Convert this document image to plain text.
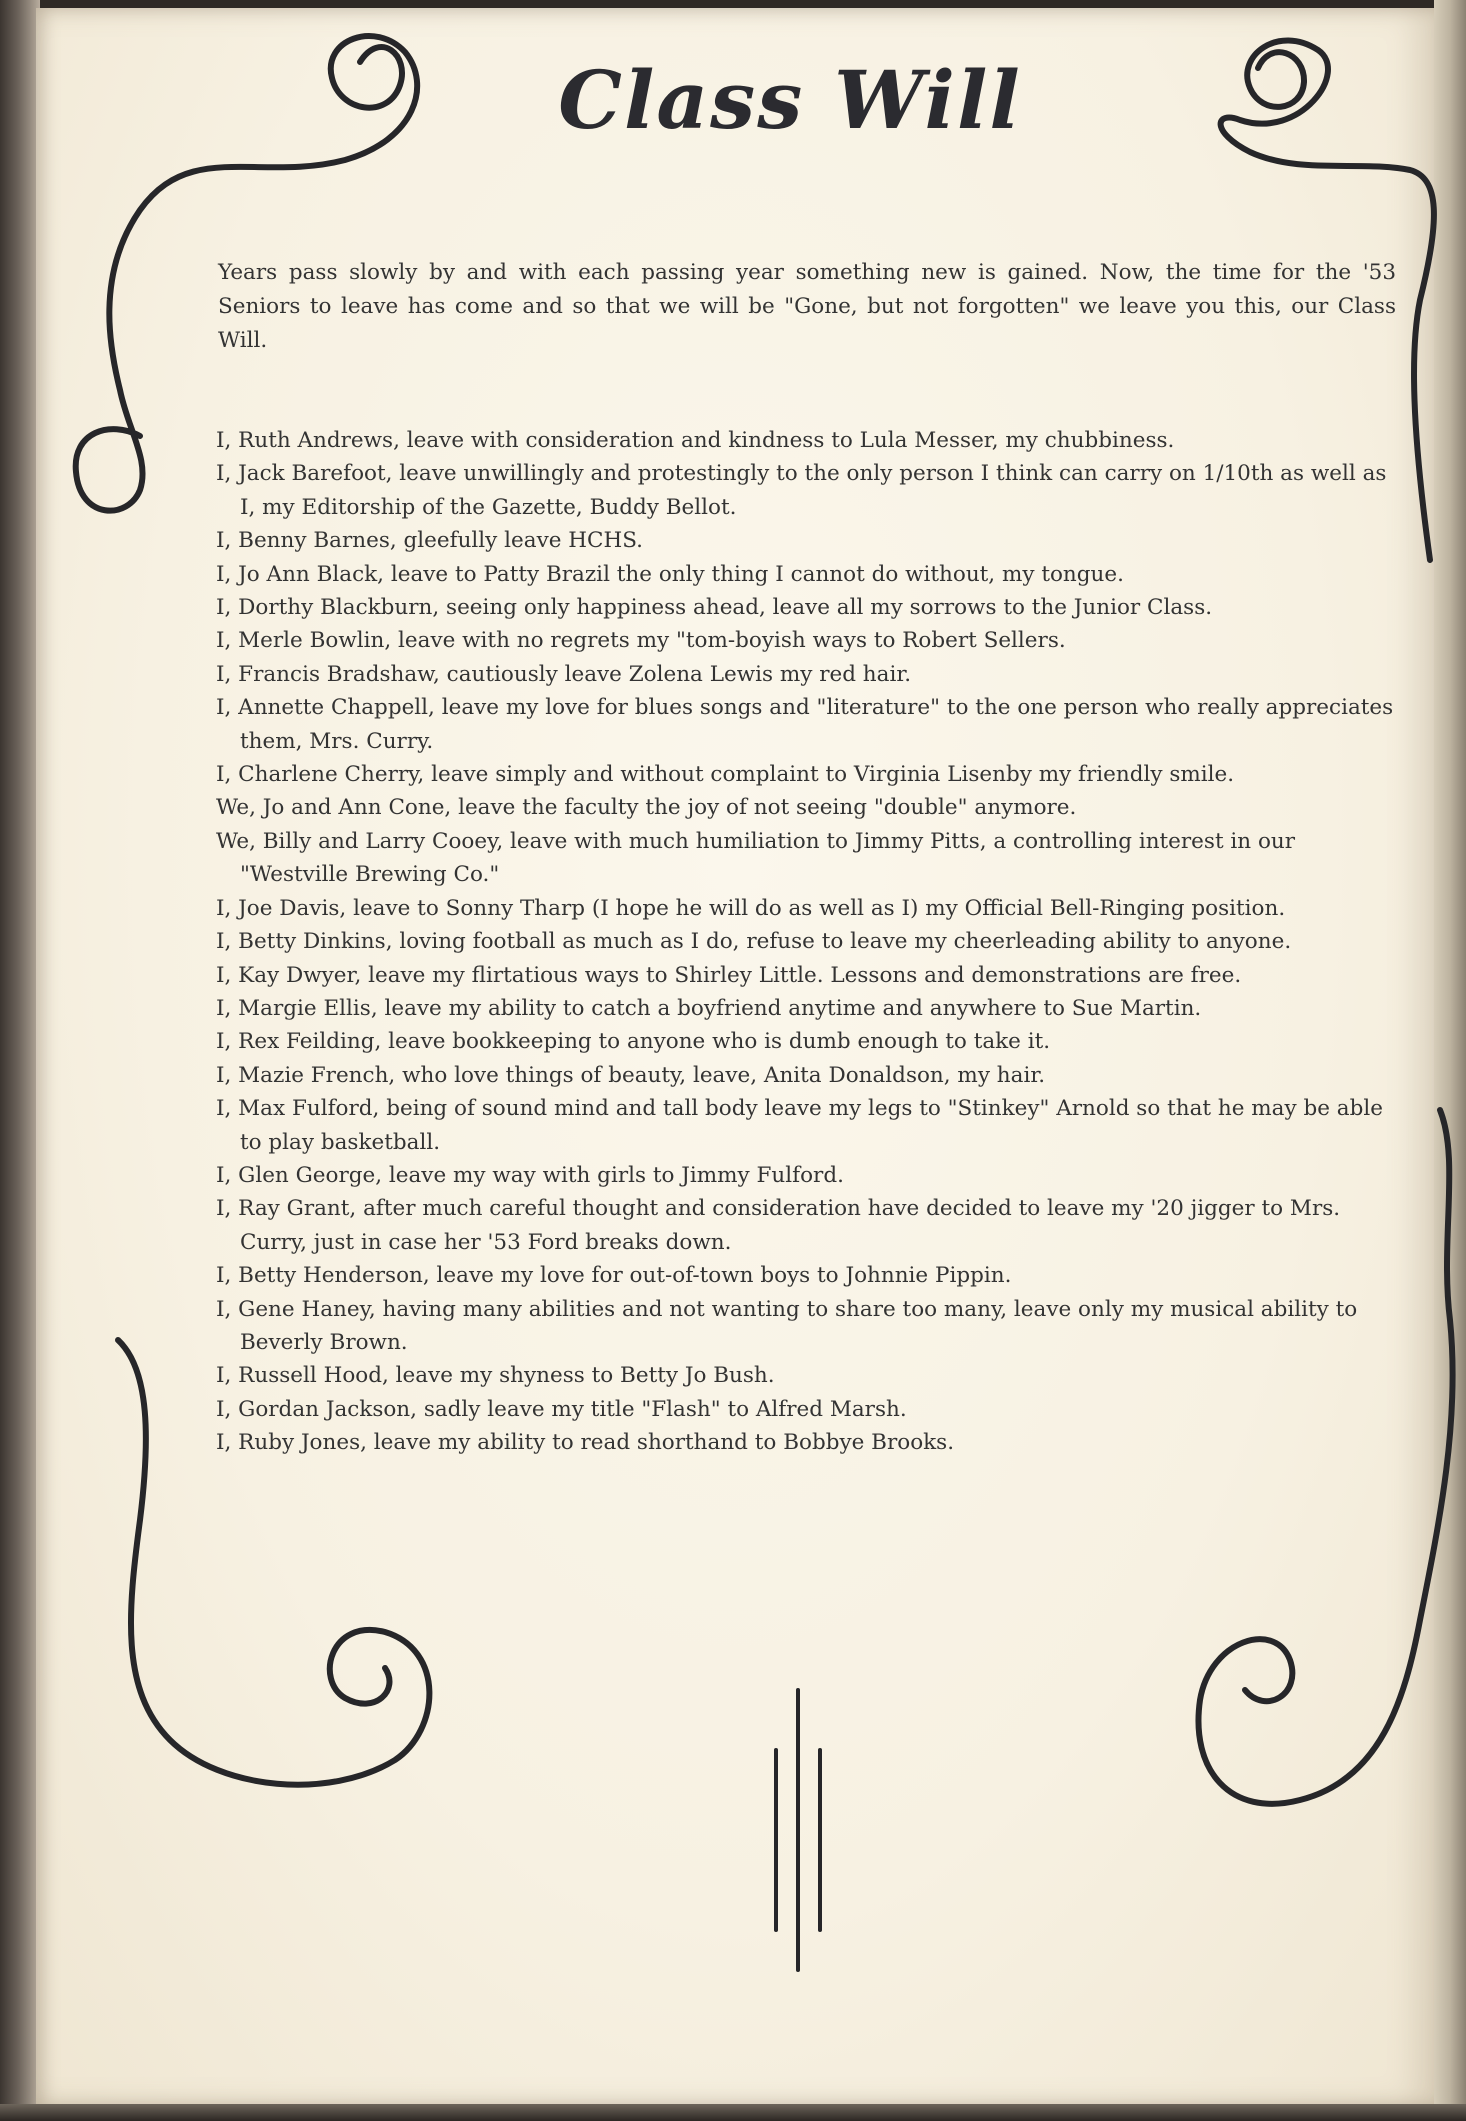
Class Will

Years pass slowly by and with each passing year something new is gained. Now, the time for the '53 Seniors to leave has come and so that we will be "Gone, but not forgotten" we leave you this, our Class Will.

I, Ruth Andrews, leave with consideration and kindness to Lula Messer, my chubbiness.
I, Jack Barefoot, leave unwillingly and protestingly to the only person I think can carry on 1/10th as well as I, my Editorship of the Gazette, Buddy Bellot.
I, Benny Barnes, gleefully leave HCHS.
I, Jo Ann Black, leave to Patty Brazil the only thing I cannot do without, my tongue.
I, Dorthy Blackburn, seeing only happiness ahead, leave all my sorrows to the Junior Class.
I, Merle Bowlin, leave with no regrets my "tom-boyish ways to Robert Sellers.
I, Francis Bradshaw, cautiously leave Zolena Lewis my red hair.
I, Annette Chappell, leave my love for blues songs and "literature" to the one person who really appreciates them, Mrs. Curry.
I, Charlene Cherry, leave simply and without complaint to Virginia Lisenby my friendly smile.
We, Jo and Ann Cone, leave the faculty the joy of not seeing "double" anymore.
We, Billy and Larry Cooey, leave with much humiliation to Jimmy Pitts, a controlling interest in our "Westville Brewing Co."
I, Joe Davis, leave to Sonny Tharp (I hope he will do as well as I) my Official Bell-Ringing position.
I, Betty Dinkins, loving football as much as I do, refuse to leave my cheerleading ability to anyone.
I, Kay Dwyer, leave my flirtatious ways to Shirley Little. Lessons and demonstrations are free.
I, Margie Ellis, leave my ability to catch a boyfriend anytime and anywhere to Sue Martin.
I, Rex Feilding, leave bookkeeping to anyone who is dumb enough to take it.
I, Mazie French, who love things of beauty, leave, Anita Donaldson, my hair.
I, Max Fulford, being of sound mind and tall body leave my legs to "Stinkey" Arnold so that he may be able to play basketball.
I, Glen George, leave my way with girls to Jimmy Fulford.
I, Ray Grant, after much careful thought and consideration have decided to leave my '20 jigger to Mrs. Curry, just in case her '53 Ford breaks down.
I, Betty Henderson, leave my love for out-of-town boys to Johnnie Pippin.
I, Gene Haney, having many abilities and not wanting to share too many, leave only my musical ability to Beverly Brown.
I, Russell Hood, leave my shyness to Betty Jo Bush.
I, Gordan Jackson, sadly leave my title "Flash" to Alfred Marsh.
I, Ruby Jones, leave my ability to read shorthand to Bobbye Brooks.
